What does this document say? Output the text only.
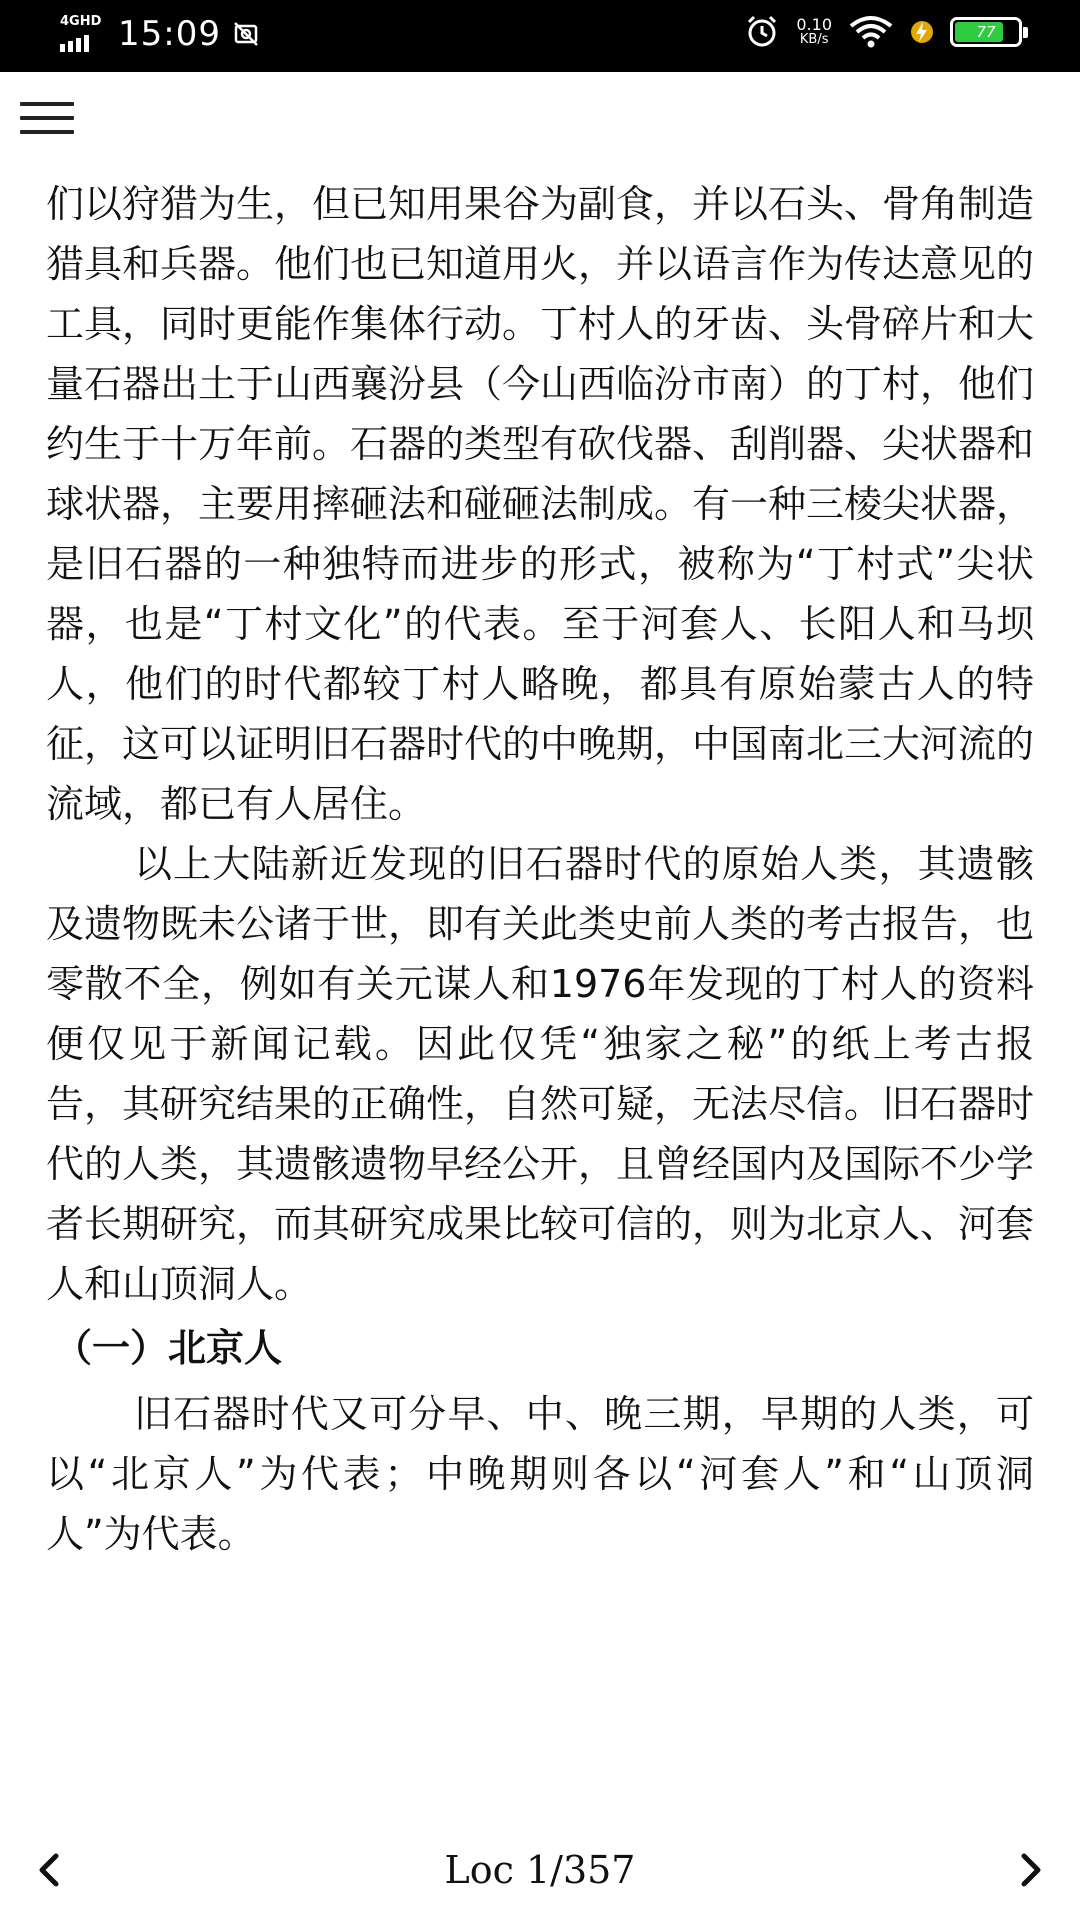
4GHD 15:09	0.10
KB/s	77

们以狩猎为生，但已知用果谷为副食，并以石头、骨角制造猎具和兵器。他们也已知道用火，并以语言作为传达意见的工具，同时更能作集体行动。丁村人的牙齿、头骨碎片和大量石器出土于山西襄汾县（今山西临汾市南）的丁村，他们约生于十万年前。石器的类型有砍伐器、刮削器、尖状器和球状器，主要用摔砸法和碰砸法制成。有一种三棱尖状器，是旧石器的一种独特而进步的形式，被称为“丁村式”尖状器，也是“丁村文化”的代表。至于河套人、长阳人和马坝人，他们的时代都较丁村人略晚，都具有原始蒙古人的特征，这可以证明旧石器时代的中晚期，中国南北三大河流的流域，都已有人居住。

以上大陆新近发现的旧石器时代的原始人类，其遗骸及遗物既未公诸于世，即有关此类史前人类的考古报告，也零散不全，例如有关元谋人和1976年发现的丁村人的资料便仅见于新闻记载。因此仅凭“独家之秘”的纸上考古报告，其研究结果的正确性，自然可疑，无法尽信。旧石器时代的人类，其遗骸遗物早经公开，且曾经国内及国际不少学者长期研究，而其研究成果比较可信的，则为北京人、河套人和山顶洞人。

（一）北京人

旧石器时代又可分早、中、晚三期，早期的人类，可以“北京人”为代表；中晚期则各以“河套人”和“山顶洞人”为代表。

Loc 1/357
